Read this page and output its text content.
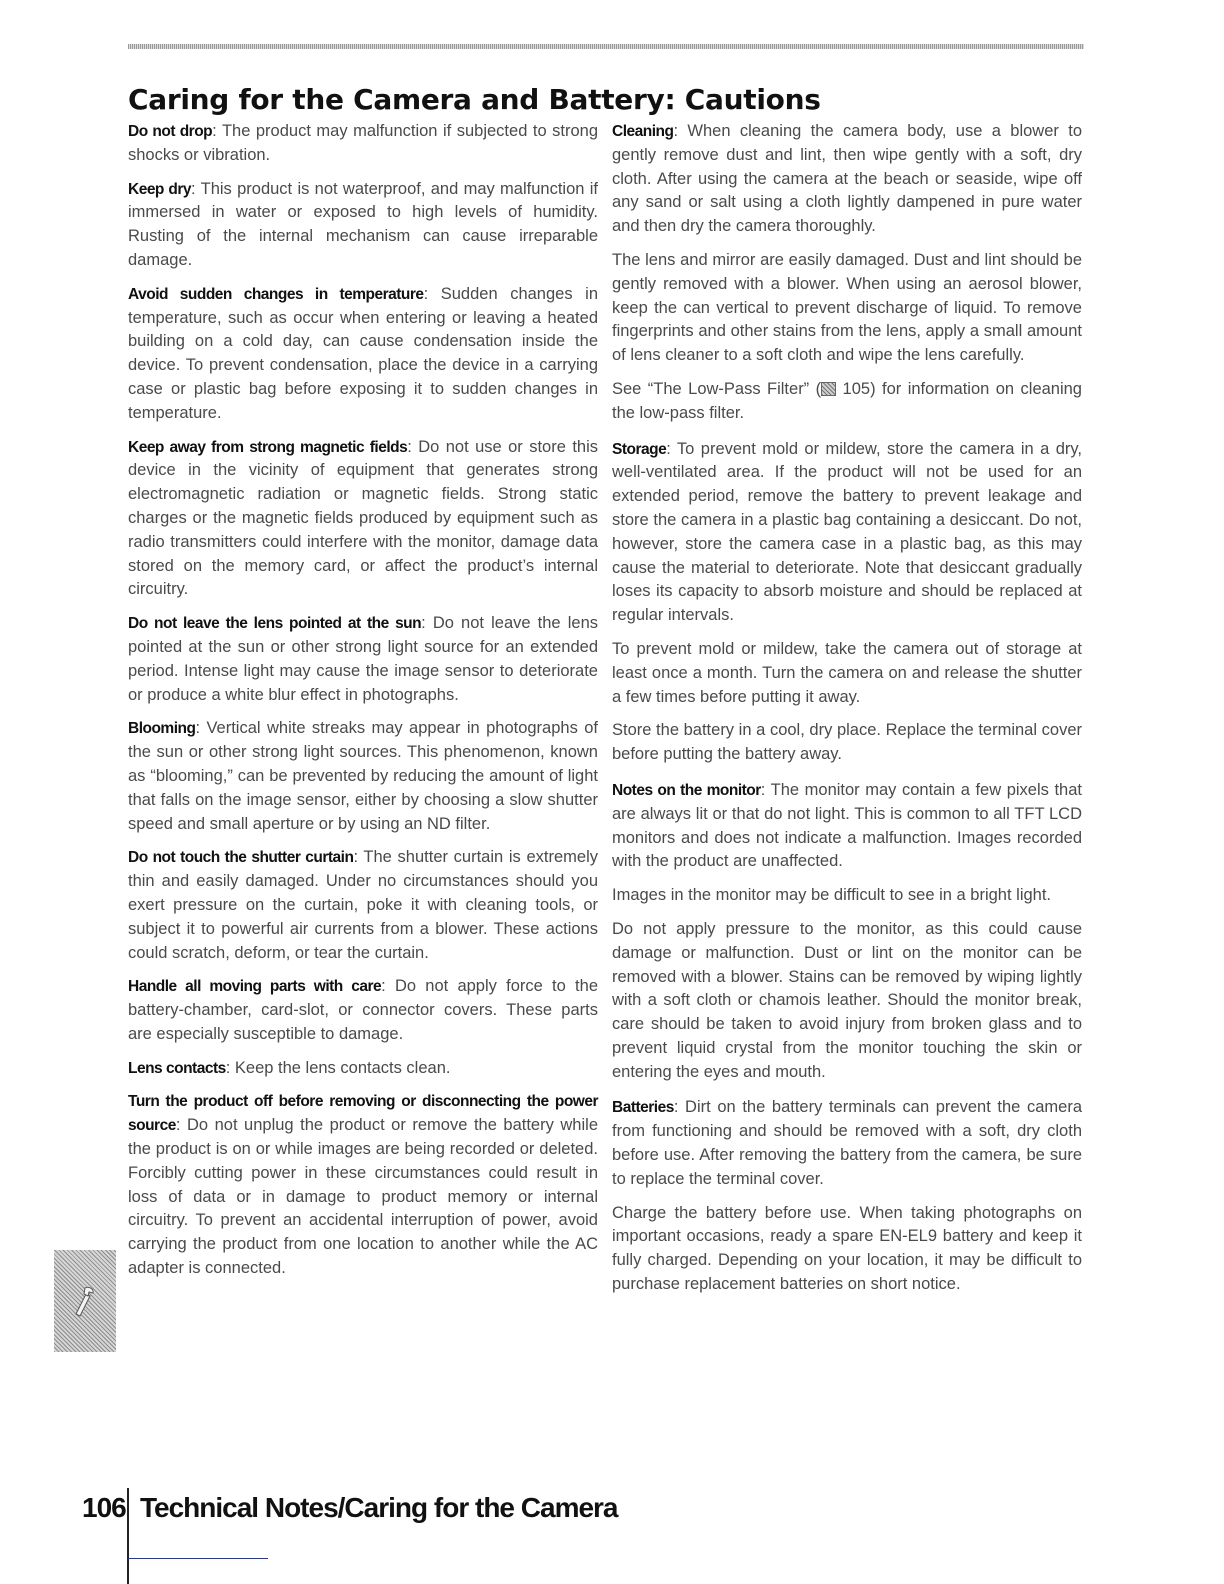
Caring for the Camera and Battery: Cautions

Do not drop: The product may malfunction if subjected to strong shocks or vibration.

Keep dry: This product is not waterproof, and may malfunction if immersed in water or exposed to high levels of humidity. Rusting of the internal mechanism can cause irreparable damage.

Avoid sudden changes in temperature: Sudden changes in temperature, such as occur when entering or leaving a heated building on a cold day, can cause condensation inside the device. To prevent condensation, place the device in a carrying case or plastic bag before exposing it to sudden changes in temperature.

Keep away from strong magnetic fields: Do not use or store this device in the vicinity of equipment that generates strong electromagnetic radiation or magnetic fields. Strong static charges or the magnetic fields produced by equipment such as radio transmitters could interfere with the monitor, damage data stored on the memory card, or affect the product’s internal circuitry.

Do not leave the lens pointed at the sun: Do not leave the lens pointed at the sun or other strong light source for an extended period. Intense light may cause the image sensor to deteriorate or produce a white blur effect in photographs.

Blooming: Vertical white streaks may appear in photographs of the sun or other strong light sources. This phenomenon, known as “blooming,” can be prevented by reducing the amount of light that falls on the image sensor, either by choosing a slow shutter speed and small aperture or by using an ND filter.

Do not touch the shutter curtain: The shutter curtain is extremely thin and easily damaged. Under no circumstances should you exert pressure on the curtain, poke it with cleaning tools, or subject it to powerful air currents from a blower. These actions could scratch, deform, or tear the curtain.

Handle all moving parts with care: Do not apply force to the battery-chamber, card-slot, or connector covers. These parts are especially susceptible to damage.

Lens contacts: Keep the lens contacts clean.

Turn the product off before removing or disconnecting the power source: Do not unplug the product or remove the battery while the product is on or while images are being recorded or deleted. Forcibly cutting power in these circumstances could result in loss of data or in damage to product memory or internal circuitry. To prevent an accidental interruption of power, avoid carrying the product from one location to another while the AC adapter is connected.

Cleaning: When cleaning the camera body, use a blower to gently remove dust and lint, then wipe gently with a soft, dry cloth. After using the camera at the beach or seaside, wipe off any sand or salt using a cloth lightly dampened in pure water and then dry the camera thoroughly.

The lens and mirror are easily damaged. Dust and lint should be gently removed with a blower. When using an aerosol blower, keep the can vertical to prevent discharge of liquid. To remove fingerprints and other stains from the lens, apply a small amount of lens cleaner to a soft cloth and wipe the lens carefully.

See “The Low-Pass Filter” ( 105) for information on cleaning the low-pass filter.

Storage: To prevent mold or mildew, store the camera in a dry, well-ventilated area. If the product will not be used for an extended period, remove the battery to prevent leakage and store the camera in a plastic bag containing a desiccant. Do not, however, store the camera case in a plastic bag, as this may cause the material to deteriorate. Note that desiccant gradually loses its capacity to absorb moisture and should be replaced at regular intervals.

To prevent mold or mildew, take the camera out of storage at least once a month. Turn the camera on and release the shutter a few times before putting it away.

Store the battery in a cool, dry place. Replace the terminal cover before putting the battery away.

Notes on the monitor: The monitor may contain a few pixels that are always lit or that do not light. This is common to all TFT LCD monitors and does not indicate a malfunction. Images recorded with the product are unaffected.

Images in the monitor may be difficult to see in a bright light.

Do not apply pressure to the monitor, as this could cause damage or malfunction. Dust or lint on the monitor can be removed with a blower. Stains can be removed by wiping lightly with a soft cloth or chamois leather. Should the monitor break, care should be taken to avoid injury from broken glass and to prevent liquid crystal from the monitor touching the skin or entering the eyes and mouth.

Batteries: Dirt on the battery terminals can prevent the camera from functioning and should be removed with a soft, dry cloth before use. After removing the battery from the camera, be sure to replace the terminal cover.

Charge the battery before use. When taking photographs on important occasions, ready a spare EN-EL9 battery and keep it fully charged. Depending on your location, it may be difficult to purchase replacement batteries on short notice.

106 Technical Notes/Caring for the Camera
